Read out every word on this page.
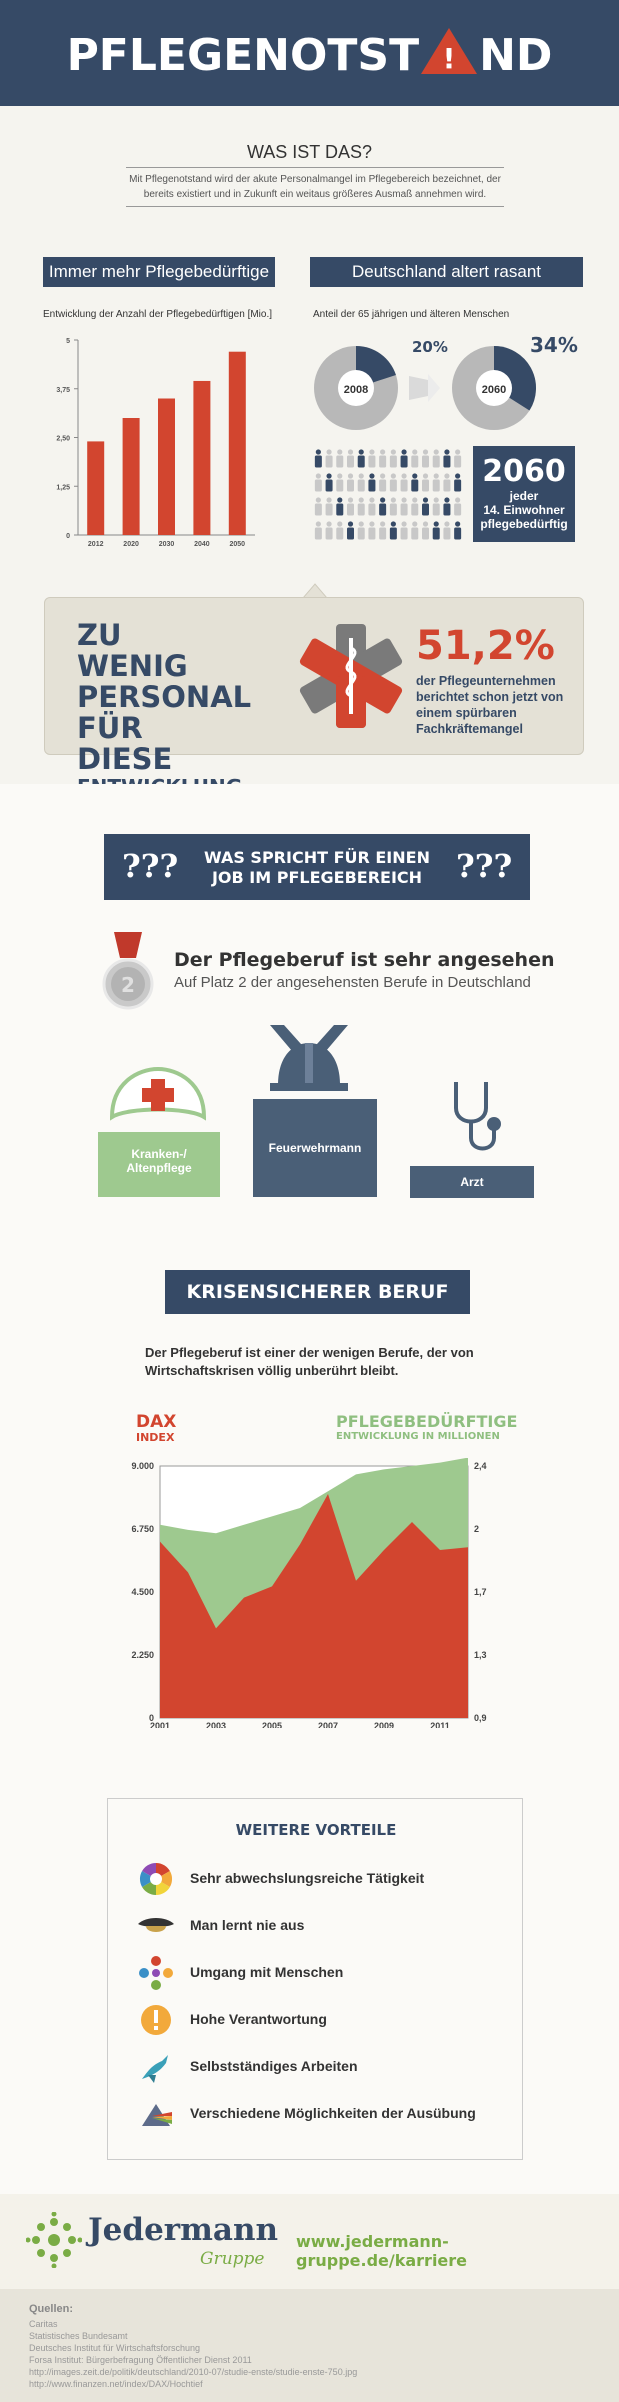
PFLEGENOTST ! ND
WAS IST DAS?
Mit Pflegenotstand wird der akute Personalmangel im Pflegebereich bezeichnet, der bereits existiert und in Zukunft ein weitaus größeres Ausmaß annehmen wird.
Immer mehr Pflegebedürftige
Entwicklung der Anzahl der Pflegebedürftigen [Mio.]
0
1,25
2,50
3,75
5
2012	2020	2030	2040	2050
Deutschland altert rasant
Anteil der 65 jährigen und älteren Menschen
2008	2060
20%	34%
2060
jeder
14. Einwohner
pflegebedürftig
ZU WENIG
PERSONAL
FÜR DIESE

51,2%
der Pflegeunternehmen berichtet schon jetzt von einem spürbaren Fachkräftemangel
???	WAS SPRICHT FÜR EINEN
JOB IM PFLEGEBEREICH	???
2
Der Pflegeberuf ist sehr angesehen
Auf Platz 2 der angesehensten Berufe in Deutschland
Kranken-/
Altenpflege
Feuerwehrmann
Arzt
KRISENSICHERER BERUF
Der Pflegeberuf ist einer der wenigen Berufe, der von Wirtschaftskrisen völlig unberührt bleibt.
DAX
INDEX
PFLEGEBEDÜRFTIGE
ENTWICKLUNG IN MILLIONEN
0
2.250
4.500
6.750
9.000
0,9
1,3
1,7
2
2,4
2001	2003	2005	2007	2009	2011
WEITERE VORTEILE
Sehr abwechslungsreiche Tätigkeit
Man lernt nie aus
Umgang mit Menschen
Hohe Verantwortung
Selbstständiges Arbeiten
Verschiedene Möglichkeiten der Ausübung
Jedermann
Gruppe
www.jedermann-gruppe.de/karriere
Quellen:
Caritas
Statistisches Bundesamt
Deutsches Institut für Wirtschaftsforschung
Forsa Institut: Bürgerbefragung Öffentlicher Dienst 2011
http://images.zeit.de/politik/deutschland/2010-07/studie-enste/studie-enste-750.jpg
http://www.finanzen.net/index/DAX/Hochtief
